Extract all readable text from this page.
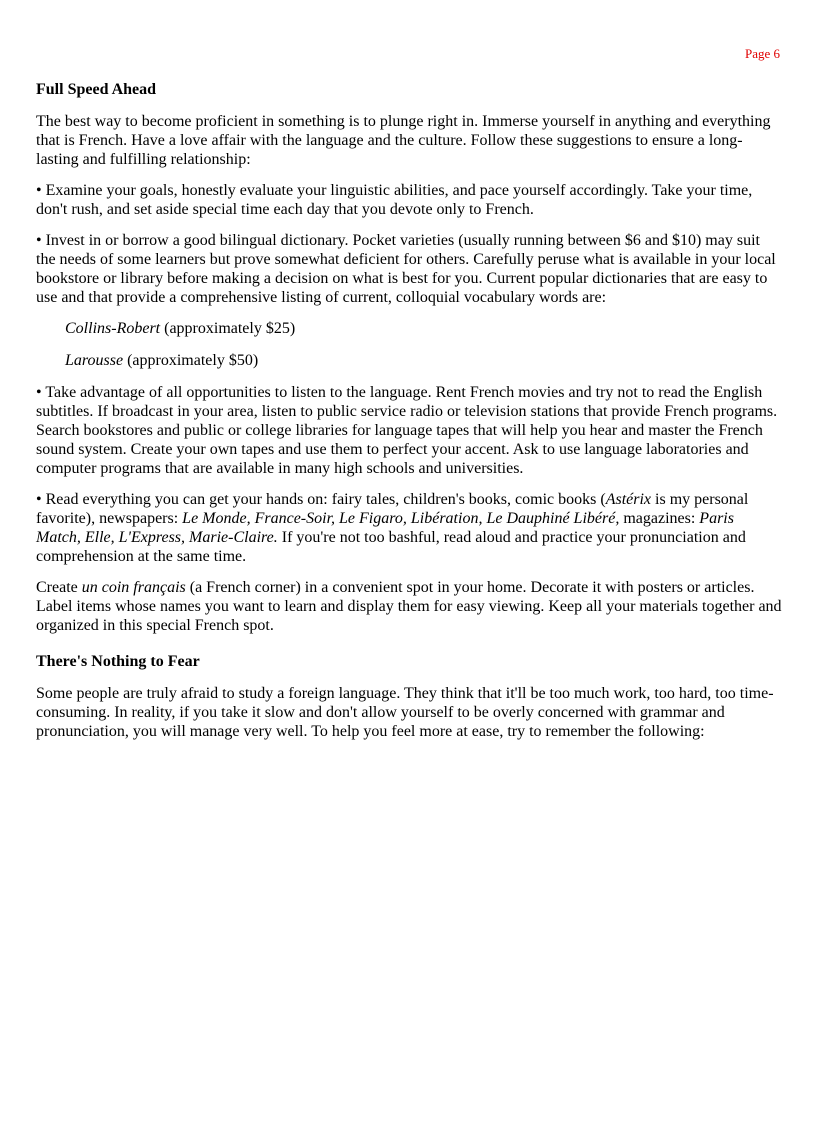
Page 6
Full Speed Ahead

The best way to become proficient in something is to plunge right in. Immerse yourself in anything and everything that is French. Have a love affair with the language and the culture. Follow these suggestions to ensure a long-lasting and fulfilling relationship:

• Examine your goals, honestly evaluate your linguistic abilities, and pace yourself accordingly. Take your time, don't rush, and set aside special time each day that you devote only to French.

• Invest in or borrow a good bilingual dictionary. Pocket varieties (usually running between $6 and $10) may suit the needs of some learners but prove somewhat deficient for others. Carefully peruse what is available in your local bookstore or library before making a decision on what is best for you. Current popular dictionaries that are easy to use and that provide a comprehensive listing of current, colloquial vocabulary words are:

Collins-Robert (approximately $25)

Larousse (approximately $50)

• Take advantage of all opportunities to listen to the language. Rent French movies and try not to read the English subtitles. If broadcast in your area, listen to public service radio or television stations that provide French programs. Search bookstores and public or college libraries for language tapes that will help you hear and master the French sound system. Create your own tapes and use them to perfect your accent. Ask to use language laboratories and computer programs that are available in many high schools and universities.

• Read everything you can get your hands on: fairy tales, children's books, comic books (Astérix is my personal favorite), newspapers: Le Monde, France-Soir, Le Figaro, Libération, Le Dauphiné Libéré, magazines: Paris Match, Elle, L'Express, Marie-Claire. If you're not too bashful, read aloud and practice your pronunciation and comprehension at the same time.

Create un coin français (a French corner) in a convenient spot in your home. Decorate it with posters or articles. Label items whose names you want to learn and display them for easy viewing. Keep all your materials together and organized in this special French spot.

There's Nothing to Fear

Some people are truly afraid to study a foreign language. They think that it'll be too much work, too hard, too time-consuming. In reality, if you take it slow and don't allow yourself to be overly concerned with grammar and pronunciation, you will manage very well. To help you feel more at ease, try to remember the following:
